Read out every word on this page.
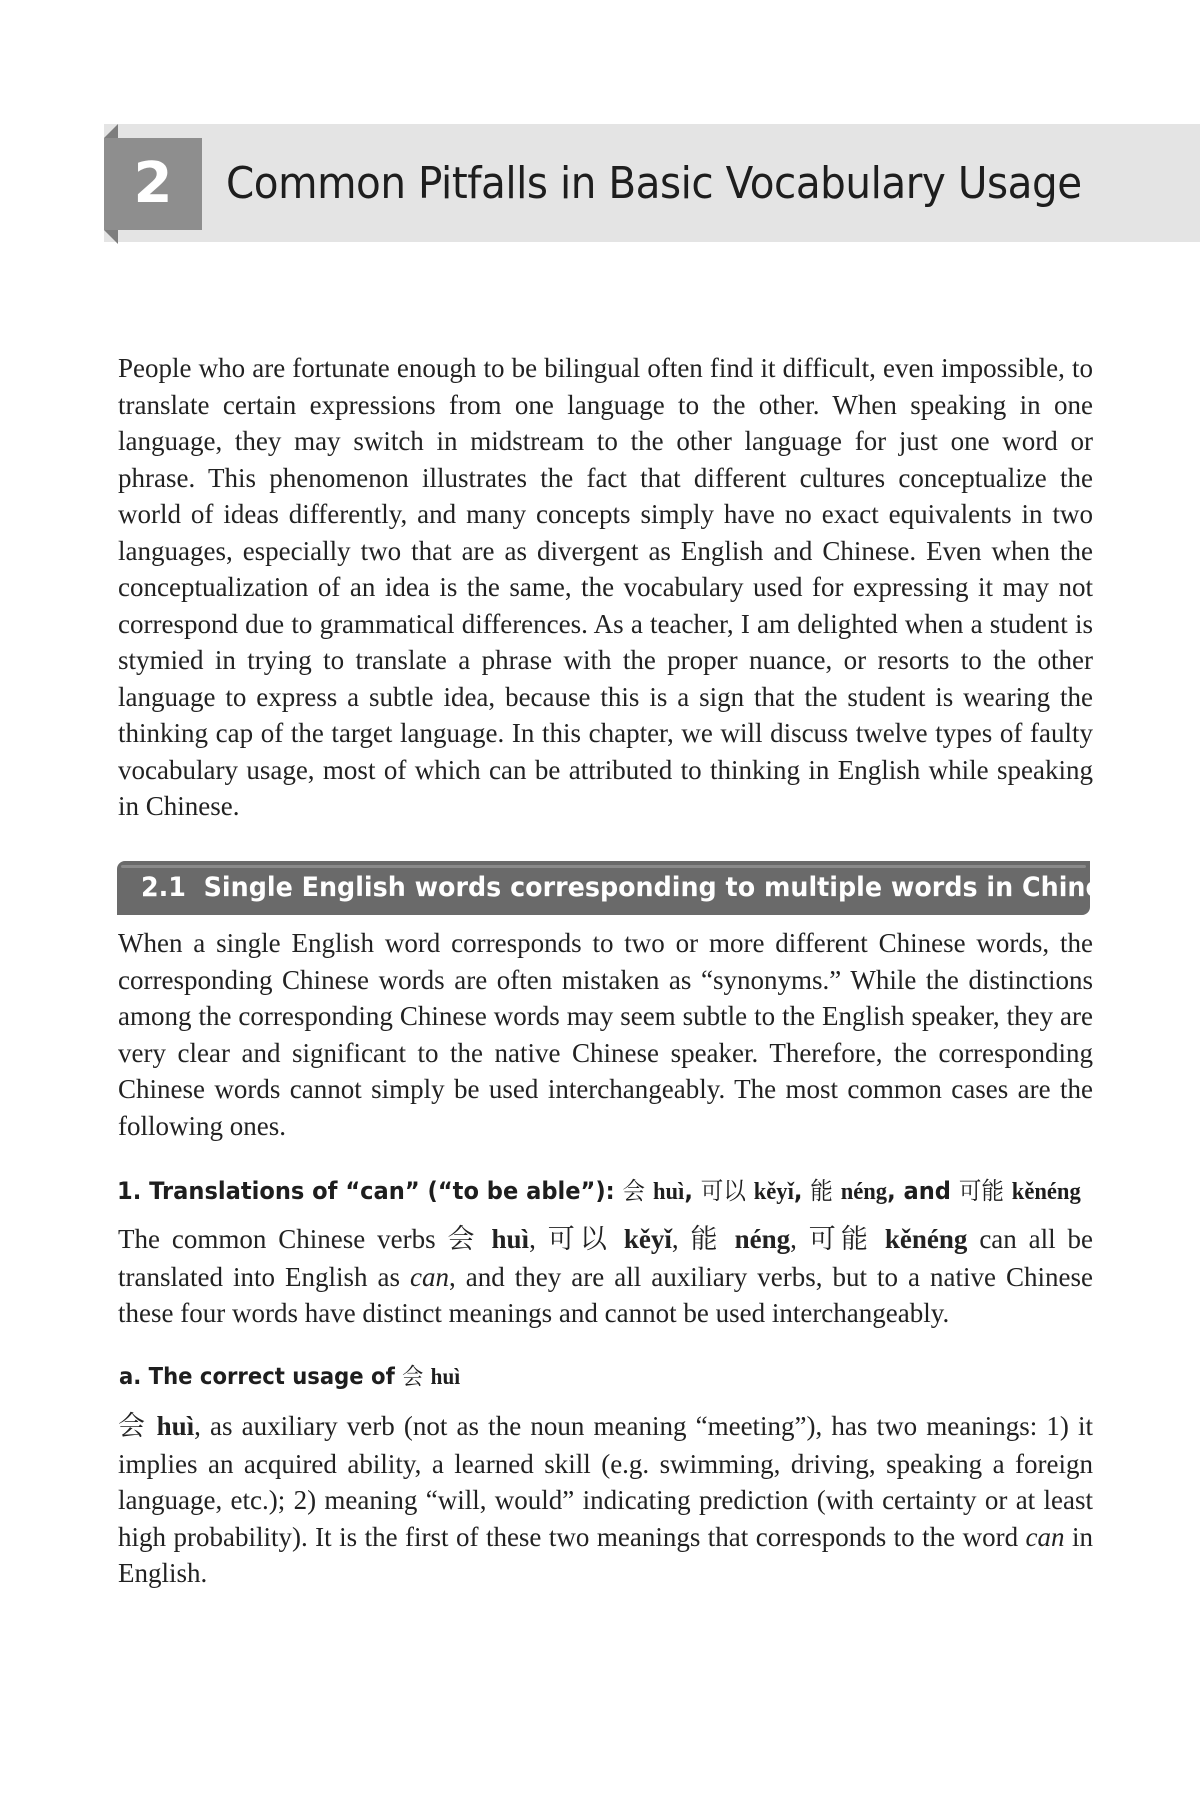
2	Common Pitfalls in Basic Vocabulary Usage

People who are fortunate enough to be bilingual often find it difficult, even impossible, to translate certain expressions from one language to the other. When speaking in one language, they may switch in midstream to the other language for just one word or phrase. This phenomenon illustrates the fact that different cultures conceptualize the world of ideas differently, and many concepts simply have no exact equivalents in two languages, especially two that are as divergent as English and Chinese. Even when the conceptualization of an idea is the same, the vocabulary used for expressing it may not correspond due to grammatical differences. As a teacher, I am delighted when a student is stymied in trying to translate a phrase with the proper nuance, or resorts to the other language to express a subtle idea, because this is a sign that the student is wearing the thinking cap of the target language. In this chapter, we will discuss twelve types of faulty vocabulary usage, most of which can be attributed to thinking in English while speaking in Chinese.

2.1 Single English words corresponding to multiple words in Chinese

When a single English word corresponds to two or more different Chinese words, the corresponding Chinese words are often mistaken as “synonyms.” While the distinctions among the corresponding Chinese words may seem subtle to the English speaker, they are very clear and significant to the native Chinese speaker. Therefore, the corresponding Chinese words cannot simply be used interchangeably. The most common cases are the following ones.

1. Translations of “can” (“to be able”): 会 huì, 可以 kěyǐ, 能 néng, and 可能 kěnéng

The common Chinese verbs 会 huì, 可以 kěyǐ, 能 néng, 可能 kěnéng can all be translated into English as can, and they are all auxiliary verbs, but to a native Chinese these four words have distinct meanings and cannot be used interchangeably.

a. The correct usage of 会 huì

会 huì, as auxiliary verb (not as the noun meaning “meeting”), has two meanings: 1) it implies an acquired ability, a learned skill (e.g. swimming, driving, speaking a foreign language, etc.); 2) meaning “will, would” indicating prediction (with certainty or at least high probability). It is the first of these two meanings that corresponds to the word can in English.
